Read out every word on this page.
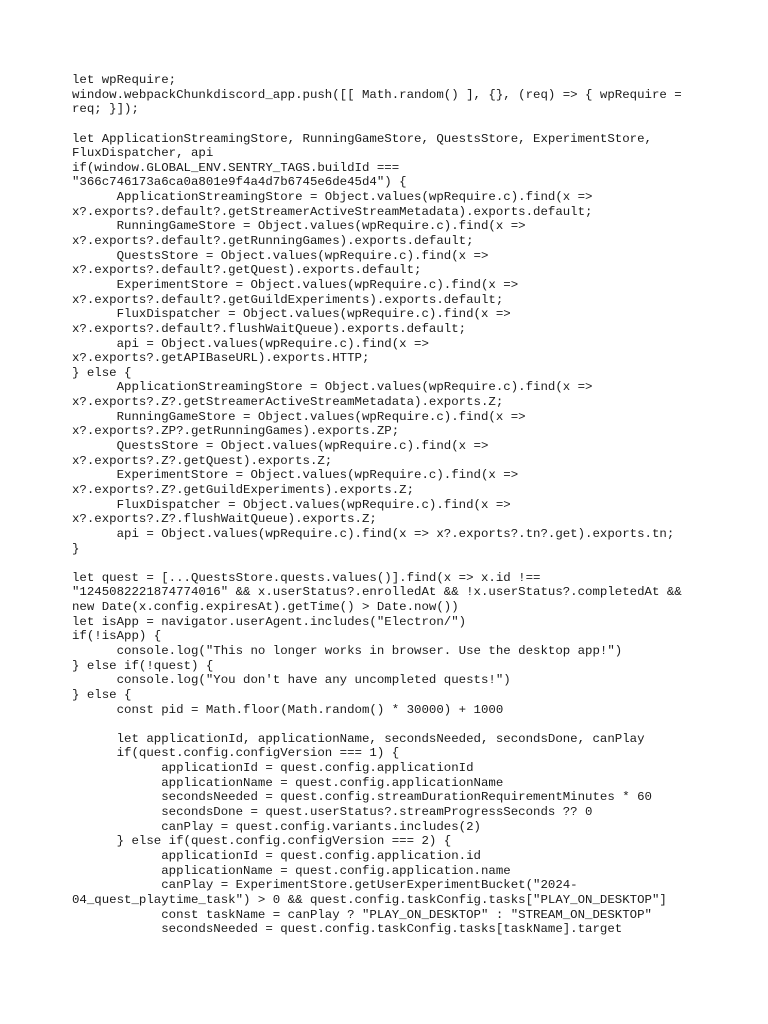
let wpRequire;
window.webpackChunkdiscord_app.push([[ Math.random() ], {}, (req) => { wpRequire =
req; }]);
let ApplicationStreamingStore, RunningGameStore, QuestsStore, ExperimentStore,
FluxDispatcher, api
if(window.GLOBAL_ENV.SENTRY_TAGS.buildId ===
"366c746173a6ca0a801e9f4a4d7b6745e6de45d4") {
ApplicationStreamingStore = Object.values(wpRequire.c).find(x =>
x?.exports?.default?.getStreamerActiveStreamMetadata).exports.default;
RunningGameStore = Object.values(wpRequire.c).find(x =>
x?.exports?.default?.getRunningGames).exports.default;
QuestsStore = Object.values(wpRequire.c).find(x =>
x?.exports?.default?.getQuest).exports.default;
ExperimentStore = Object.values(wpRequire.c).find(x =>
x?.exports?.default?.getGuildExperiments).exports.default;
FluxDispatcher = Object.values(wpRequire.c).find(x =>
x?.exports?.default?.flushWaitQueue).exports.default;
api = Object.values(wpRequire.c).find(x =>
x?.exports?.getAPIBaseURL).exports.HTTP;
} else {
ApplicationStreamingStore = Object.values(wpRequire.c).find(x =>
x?.exports?.Z?.getStreamerActiveStreamMetadata).exports.Z;
RunningGameStore = Object.values(wpRequire.c).find(x =>
x?.exports?.ZP?.getRunningGames).exports.ZP;
QuestsStore = Object.values(wpRequire.c).find(x =>
x?.exports?.Z?.getQuest).exports.Z;
ExperimentStore = Object.values(wpRequire.c).find(x =>
x?.exports?.Z?.getGuildExperiments).exports.Z;
FluxDispatcher = Object.values(wpRequire.c).find(x =>
x?.exports?.Z?.flushWaitQueue).exports.Z;
api = Object.values(wpRequire.c).find(x => x?.exports?.tn?.get).exports.tn;
}
let quest = [...QuestsStore.quests.values()].find(x => x.id !==
"1245082221874774016" && x.userStatus?.enrolledAt && !x.userStatus?.completedAt &&
new Date(x.config.expiresAt).getTime() > Date.now())
let isApp = navigator.userAgent.includes("Electron/")
if(!isApp) {
console.log("This no longer works in browser. Use the desktop app!")
} else if(!quest) {
console.log("You don't have any uncompleted quests!")
} else {
const pid = Math.floor(Math.random() * 30000) + 1000
let applicationId, applicationName, secondsNeeded, secondsDone, canPlay
if(quest.config.configVersion === 1) {
applicationId = quest.config.applicationId
applicationName = quest.config.applicationName
secondsNeeded = quest.config.streamDurationRequirementMinutes * 60
secondsDone = quest.userStatus?.streamProgressSeconds ?? 0
canPlay = quest.config.variants.includes(2)
} else if(quest.config.configVersion === 2) {
applicationId = quest.config.application.id
applicationName = quest.config.application.name
canPlay = ExperimentStore.getUserExperimentBucket("2024-
04_quest_playtime_task") > 0 && quest.config.taskConfig.tasks["PLAY_ON_DESKTOP"]
const taskName = canPlay ? "PLAY_ON_DESKTOP" : "STREAM_ON_DESKTOP"
secondsNeeded = quest.config.taskConfig.tasks[taskName].target
